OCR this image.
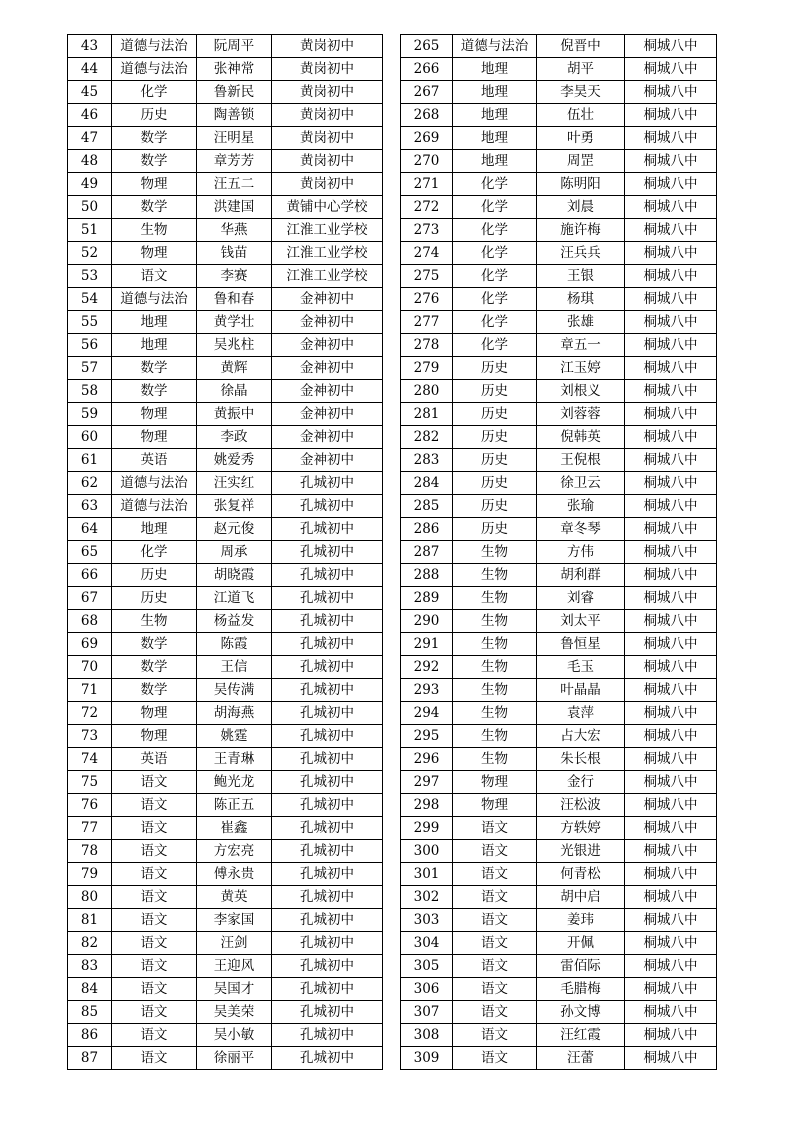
43	道德与法治	阮周平	黄岗初中
44	道德与法治	张神常	黄岗初中
45	化学	鲁新民	黄岗初中
46	历史	陶善锁	黄岗初中
47	数学	汪明星	黄岗初中
48	数学	章芳芳	黄岗初中
49	物理	汪五二	黄岗初中
50	数学	洪建国	黄铺中心学校
51	生物	华燕	江淮工业学校
52	物理	钱苗	江淮工业学校
53	语文	李赛	江淮工业学校
54	道德与法治	鲁和春	金神初中
55	地理	黄学壮	金神初中
56	地理	吴兆柱	金神初中
57	数学	黄辉	金神初中
58	数学	徐晶	金神初中
59	物理	黄振中	金神初中
60	物理	李政	金神初中
61	英语	姚爱秀	金神初中
62	道德与法治	汪实红	孔城初中
63	道德与法治	张复祥	孔城初中
64	地理	赵元俊	孔城初中
65	化学	周承	孔城初中
66	历史	胡晓霞	孔城初中
67	历史	江道飞	孔城初中
68	生物	杨益发	孔城初中
69	数学	陈霞	孔城初中
70	数学	王信	孔城初中
71	数学	吴传满	孔城初中
72	物理	胡海燕	孔城初中
73	物理	姚霆	孔城初中
74	英语	王青琳	孔城初中
75	语文	鲍光龙	孔城初中
76	语文	陈正五	孔城初中
77	语文	崔鑫	孔城初中
78	语文	方宏亮	孔城初中
79	语文	傅永贵	孔城初中
80	语文	黄英	孔城初中
81	语文	李家国	孔城初中
82	语文	汪剑	孔城初中
83	语文	王迎风	孔城初中
84	语文	吴国才	孔城初中
85	语文	吴美荣	孔城初中
86	语文	吴小敏	孔城初中
87	语文	徐丽平	孔城初中
265	道德与法治	倪晋中	桐城八中
266	地理	胡平	桐城八中
267	地理	李昊天	桐城八中
268	地理	伍壮	桐城八中
269	地理	叶勇	桐城八中
270	地理	周罡	桐城八中
271	化学	陈明阳	桐城八中
272	化学	刘晨	桐城八中
273	化学	施许梅	桐城八中
274	化学	汪兵兵	桐城八中
275	化学	王银	桐城八中
276	化学	杨琪	桐城八中
277	化学	张雄	桐城八中
278	化学	章五一	桐城八中
279	历史	江玉婷	桐城八中
280	历史	刘根义	桐城八中
281	历史	刘蓉蓉	桐城八中
282	历史	倪韩英	桐城八中
283	历史	王倪根	桐城八中
284	历史	徐卫云	桐城八中
285	历史	张瑜	桐城八中
286	历史	章冬琴	桐城八中
287	生物	方伟	桐城八中
288	生物	胡利群	桐城八中
289	生物	刘睿	桐城八中
290	生物	刘太平	桐城八中
291	生物	鲁恒星	桐城八中
292	生物	毛玉	桐城八中
293	生物	叶晶晶	桐城八中
294	生物	袁萍	桐城八中
295	生物	占大宏	桐城八中
296	生物	朱长根	桐城八中
297	物理	金行	桐城八中
298	物理	汪松波	桐城八中
299	语文	方轶婷	桐城八中
300	语文	光银进	桐城八中
301	语文	何青松	桐城八中
302	语文	胡中启	桐城八中
303	语文	姜玮	桐城八中
304	语文	开佩	桐城八中
305	语文	雷佰际	桐城八中
306	语文	毛腊梅	桐城八中
307	语文	孙文博	桐城八中
308	语文	汪红霞	桐城八中
309	语文	汪蕾	桐城八中
